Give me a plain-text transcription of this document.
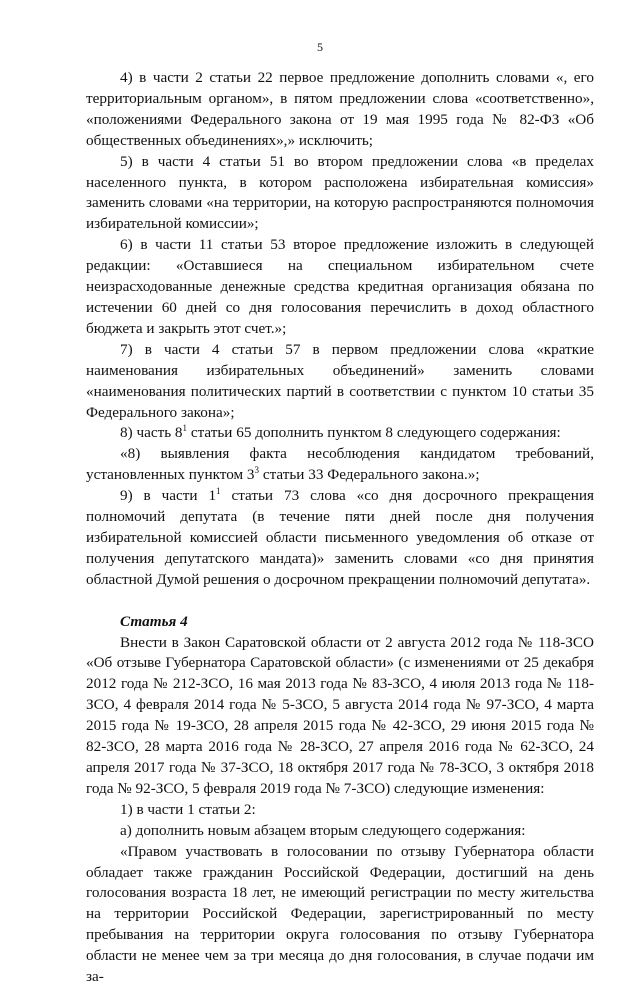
5

4) в части 2 статьи 22 первое предложение дополнить словами «, его территориальным органом», в пятом предложении слова «соответственно», «положениями Федерального закона от 19 мая 1995 года № 82-ФЗ «Об общественных объединениях»,» исключить;

5) в части 4 статьи 51 во втором предложении слова «в пределах населенного пункта, в котором расположена избирательная комиссия» заменить словами «на территории, на которую распространяются полномочия избирательной комиссии»;

6) в части 11 статьи 53 второе предложение изложить в следующей редакции: «Оставшиеся на специальном избирательном счете неизрасходованные денежные средства кредитная организация обязана по истечении 60 дней со дня голосования перечислить в доход областного бюджета и закрыть этот счет.»;

7) в части 4 статьи 57 в первом предложении слова «краткие наименования избирательных объединений» заменить словами «наименования политических партий в соответствии с пунктом 10 статьи 35 Федерального закона»;

8) часть $8^1$ статьи 65 дополнить пунктом 8 следующего содержания:

«8) выявления факта несоблюдения кандидатом требований, установленных пунктом $3^3$ статьи 33 Федерального закона.»;

9) в части $1^1$ статьи 73 слова «со дня досрочного прекращения полномочий депутата (в течение пяти дней после дня получения избирательной комиссией области письменного уведомления об отказе от получения депутатского мандата)» заменить словами «со дня принятия областной Думой решения о досрочном прекращении полномочий депутата».

Статья 4

Внести в Закон Саратовской области от 2 августа 2012 года № 118-ЗСО «Об отзыве Губернатора Саратовской области» (с изменениями от 25 декабря 2012 года № 212-ЗСО, 16 мая 2013 года № 83-ЗСО, 4 июля 2013 года № 118-ЗСО, 4 февраля 2014 года № 5-ЗСО, 5 августа 2014 года № 97-ЗСО, 4 марта 2015 года № 19-ЗСО, 28 апреля 2015 года № 42-ЗСО, 29 июня 2015 года № 82-ЗСО, 28 марта 2016 года № 28-ЗСО, 27 апреля 2016 года № 62-ЗСО, 24 апреля 2017 года № 37-ЗСО, 18 октября 2017 года № 78-ЗСО, 3 октября 2018 года № 92-ЗСО, 5 февраля 2019 года № 7-ЗСО) следующие изменения:

1) в части 1 статьи 2:

а) дополнить новым абзацем вторым следующего содержания:

«Правом участвовать в голосовании по отзыву Губернатора области обладает также гражданин Российской Федерации, достигший на день голосования возраста 18 лет, не имеющий регистрации по месту жительства на территории Российской Федерации, зарегистрированный по месту пребывания на территории округа голосования по отзыву Губернатора области не менее чем за три месяца до дня голосования, в случае подачи им за-
